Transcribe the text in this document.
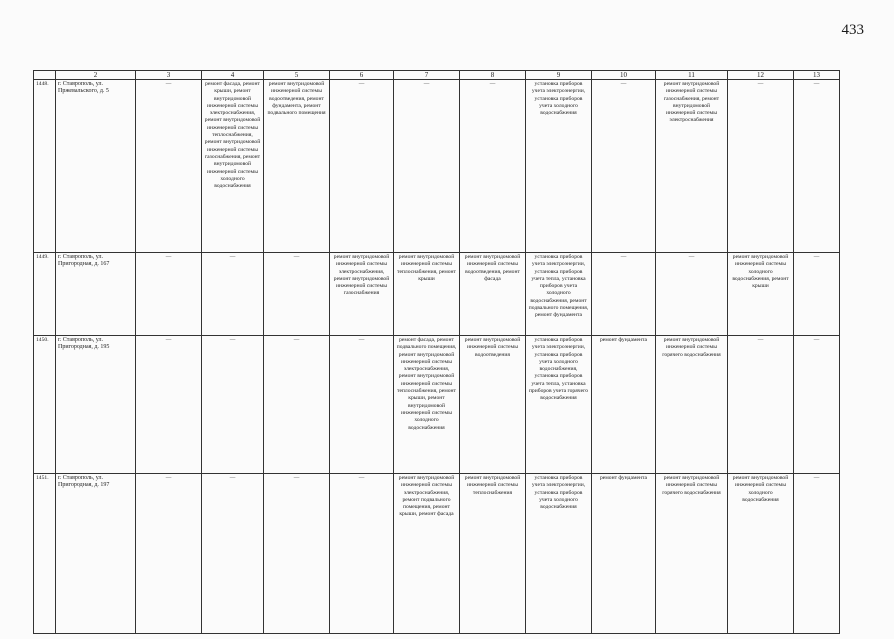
433
	2	3	4	5	6	7	8	9	10	11	12	13
1448.	г. Ставрополь, ул. Пржевальского, д. 5	—	ремонт фасада, ремонт крыши, ремонт внутридомовой инженерной системы электроснабжения, ремонт внутридомовой инженерной системы теплоснабжения, ремонт внутридомовой инженерной системы газоснабжения, ремонт внутридомовой инженерной системы холодного водоснабжения	ремонт внутридомовой инженерной системы водоотведения, ремонт фундамента, ремонт подвального помещения	—	—	—	установка приборов учета электроэнергии, установка приборов учета холодного водоснабжения	—	ремонт внутридомовой инженерной системы газоснабжения, ремонт внутридомовой инженерной системы электроснабжения	—	—
1449.	г. Ставрополь, ул. Пригородная, д. 167	—	—	—	ремонт внутридомовой инженерной системы электроснабжения, ремонт внутридомовой инженерной системы газоснабжения	ремонт внутридомовой инженерной системы теплоснабжения, ремонт крыши	ремонт внутридомовой инженерной системы водоотведения, ремонт фасада	установка приборов учета электроэнергии, установка приборов учета тепла, установка приборов учета холодного водоснабжения, ремонт подвального помещения, ремонт фундамента	—	—	ремонт внутридомовой инженерной системы холодного водоснабжения, ремонт крыши	—
1450.	г. Ставрополь, ул. Пригородная, д. 195	—	—	—	—	ремонт фасада, ремонт подвального помещения, ремонт внутридомовой инженерной системы электроснабжения, ремонт внутридомовой инженерной системы теплоснабжения, ремонт крыши, ремонт внутридомовой инженерной системы холодного водоснабжения	ремонт внутридомовой инженерной системы водоотведения	установка приборов учета электроэнергии, установка приборов учета холодного водоснабжения, установка приборов учета тепла, установка приборов учета горячего водоснабжения	ремонт фундамента	ремонт внутридомовой инженерной системы горячего водоснабжения	—	—
1451.	г. Ставрополь, ул. Пригородная, д. 197	—	—	—	—	ремонт внутридомовой инженерной системы электроснабжения, ремонт подвального помещения, ремонт крыши, ремонт фасада	ремонт внутридомовой инженерной системы теплоснабжения	установка приборов учета электроэнергии, установка приборов учета холодного водоснабжения	ремонт фундамента	ремонт внутридомовой инженерной системы горячего водоснабжения	ремонт внутридомовой инженерной системы холодного водоснабжения	—
